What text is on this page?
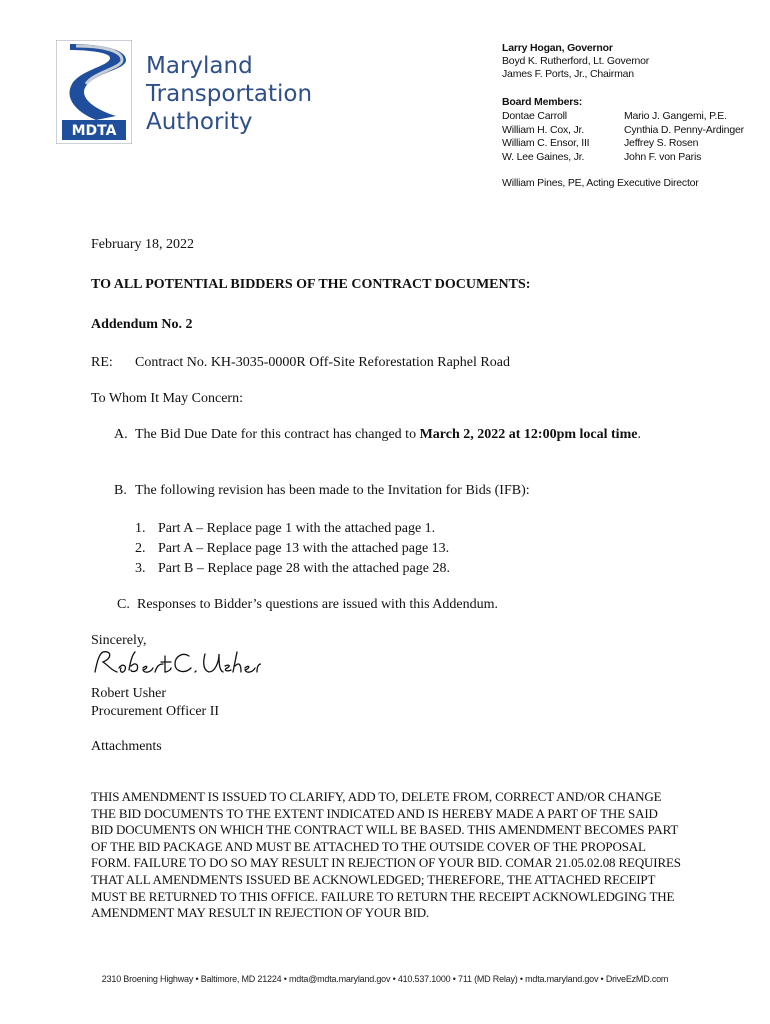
MDTA
Maryland
Transportation
Authority
Larry Hogan, Governor
Boyd K. Rutherford, Lt. Governor
James F. Ports, Jr., Chairman
Board Members:
Dontae Carroll
William H. Cox, Jr.
William C. Ensor, III
W. Lee Gaines, Jr.
Mario J. Gangemi, P.E.
Cynthia D. Penny-Ardinger
Jeffrey S. Rosen
John F. von Paris
William Pines, PE, Acting Executive Director
February 18, 2022
TO ALL POTENTIAL BIDDERS OF THE CONTRACT DOCUMENTS:
Addendum No. 2
RE: Contract No. KH-3035-0000R Off-Site Reforestation Raphel Road
To Whom It May Concern:
A. The Bid Due Date for this contract has changed to March 2, 2022 at 12:00pm local time.
B. The following revision has been made to the Invitation for Bids (IFB):
1. Part A – Replace page 1 with the attached page 1.
2. Part A – Replace page 13 with the attached page 13.
3. Part B – Replace page 28 with the attached page 28.
C. Responses to Bidder’s questions are issued with this Addendum.
Sincerely,
Robert Usher
Procurement Officer II
Attachments
THIS AMENDMENT IS ISSUED TO CLARIFY, ADD TO, DELETE FROM, CORRECT AND/OR CHANGE THE BID DOCUMENTS TO THE EXTENT INDICATED AND IS HEREBY MADE A PART OF THE SAID BID DOCUMENTS ON WHICH THE CONTRACT WILL BE BASED. THIS AMENDMENT BECOMES PART OF THE BID PACKAGE AND MUST BE ATTACHED TO THE OUTSIDE COVER OF THE PROPOSAL FORM. FAILURE TO DO SO MAY RESULT IN REJECTION OF YOUR BID. COMAR 21.05.02.08 REQUIRES THAT ALL AMENDMENTS ISSUED BE ACKNOWLEDGED; THEREFORE, THE ATTACHED RECEIPT MUST BE RETURNED TO THIS OFFICE. FAILURE TO RETURN THE RECEIPT ACKNOWLEDGING THE AMENDMENT MAY RESULT IN REJECTION OF YOUR BID.
2310 Broening Highway • Baltimore, MD 21224 • mdta@mdta.maryland.gov • 410.537.1000 • 711 (MD Relay) • mdta.maryland.gov • DriveEzMD.com
